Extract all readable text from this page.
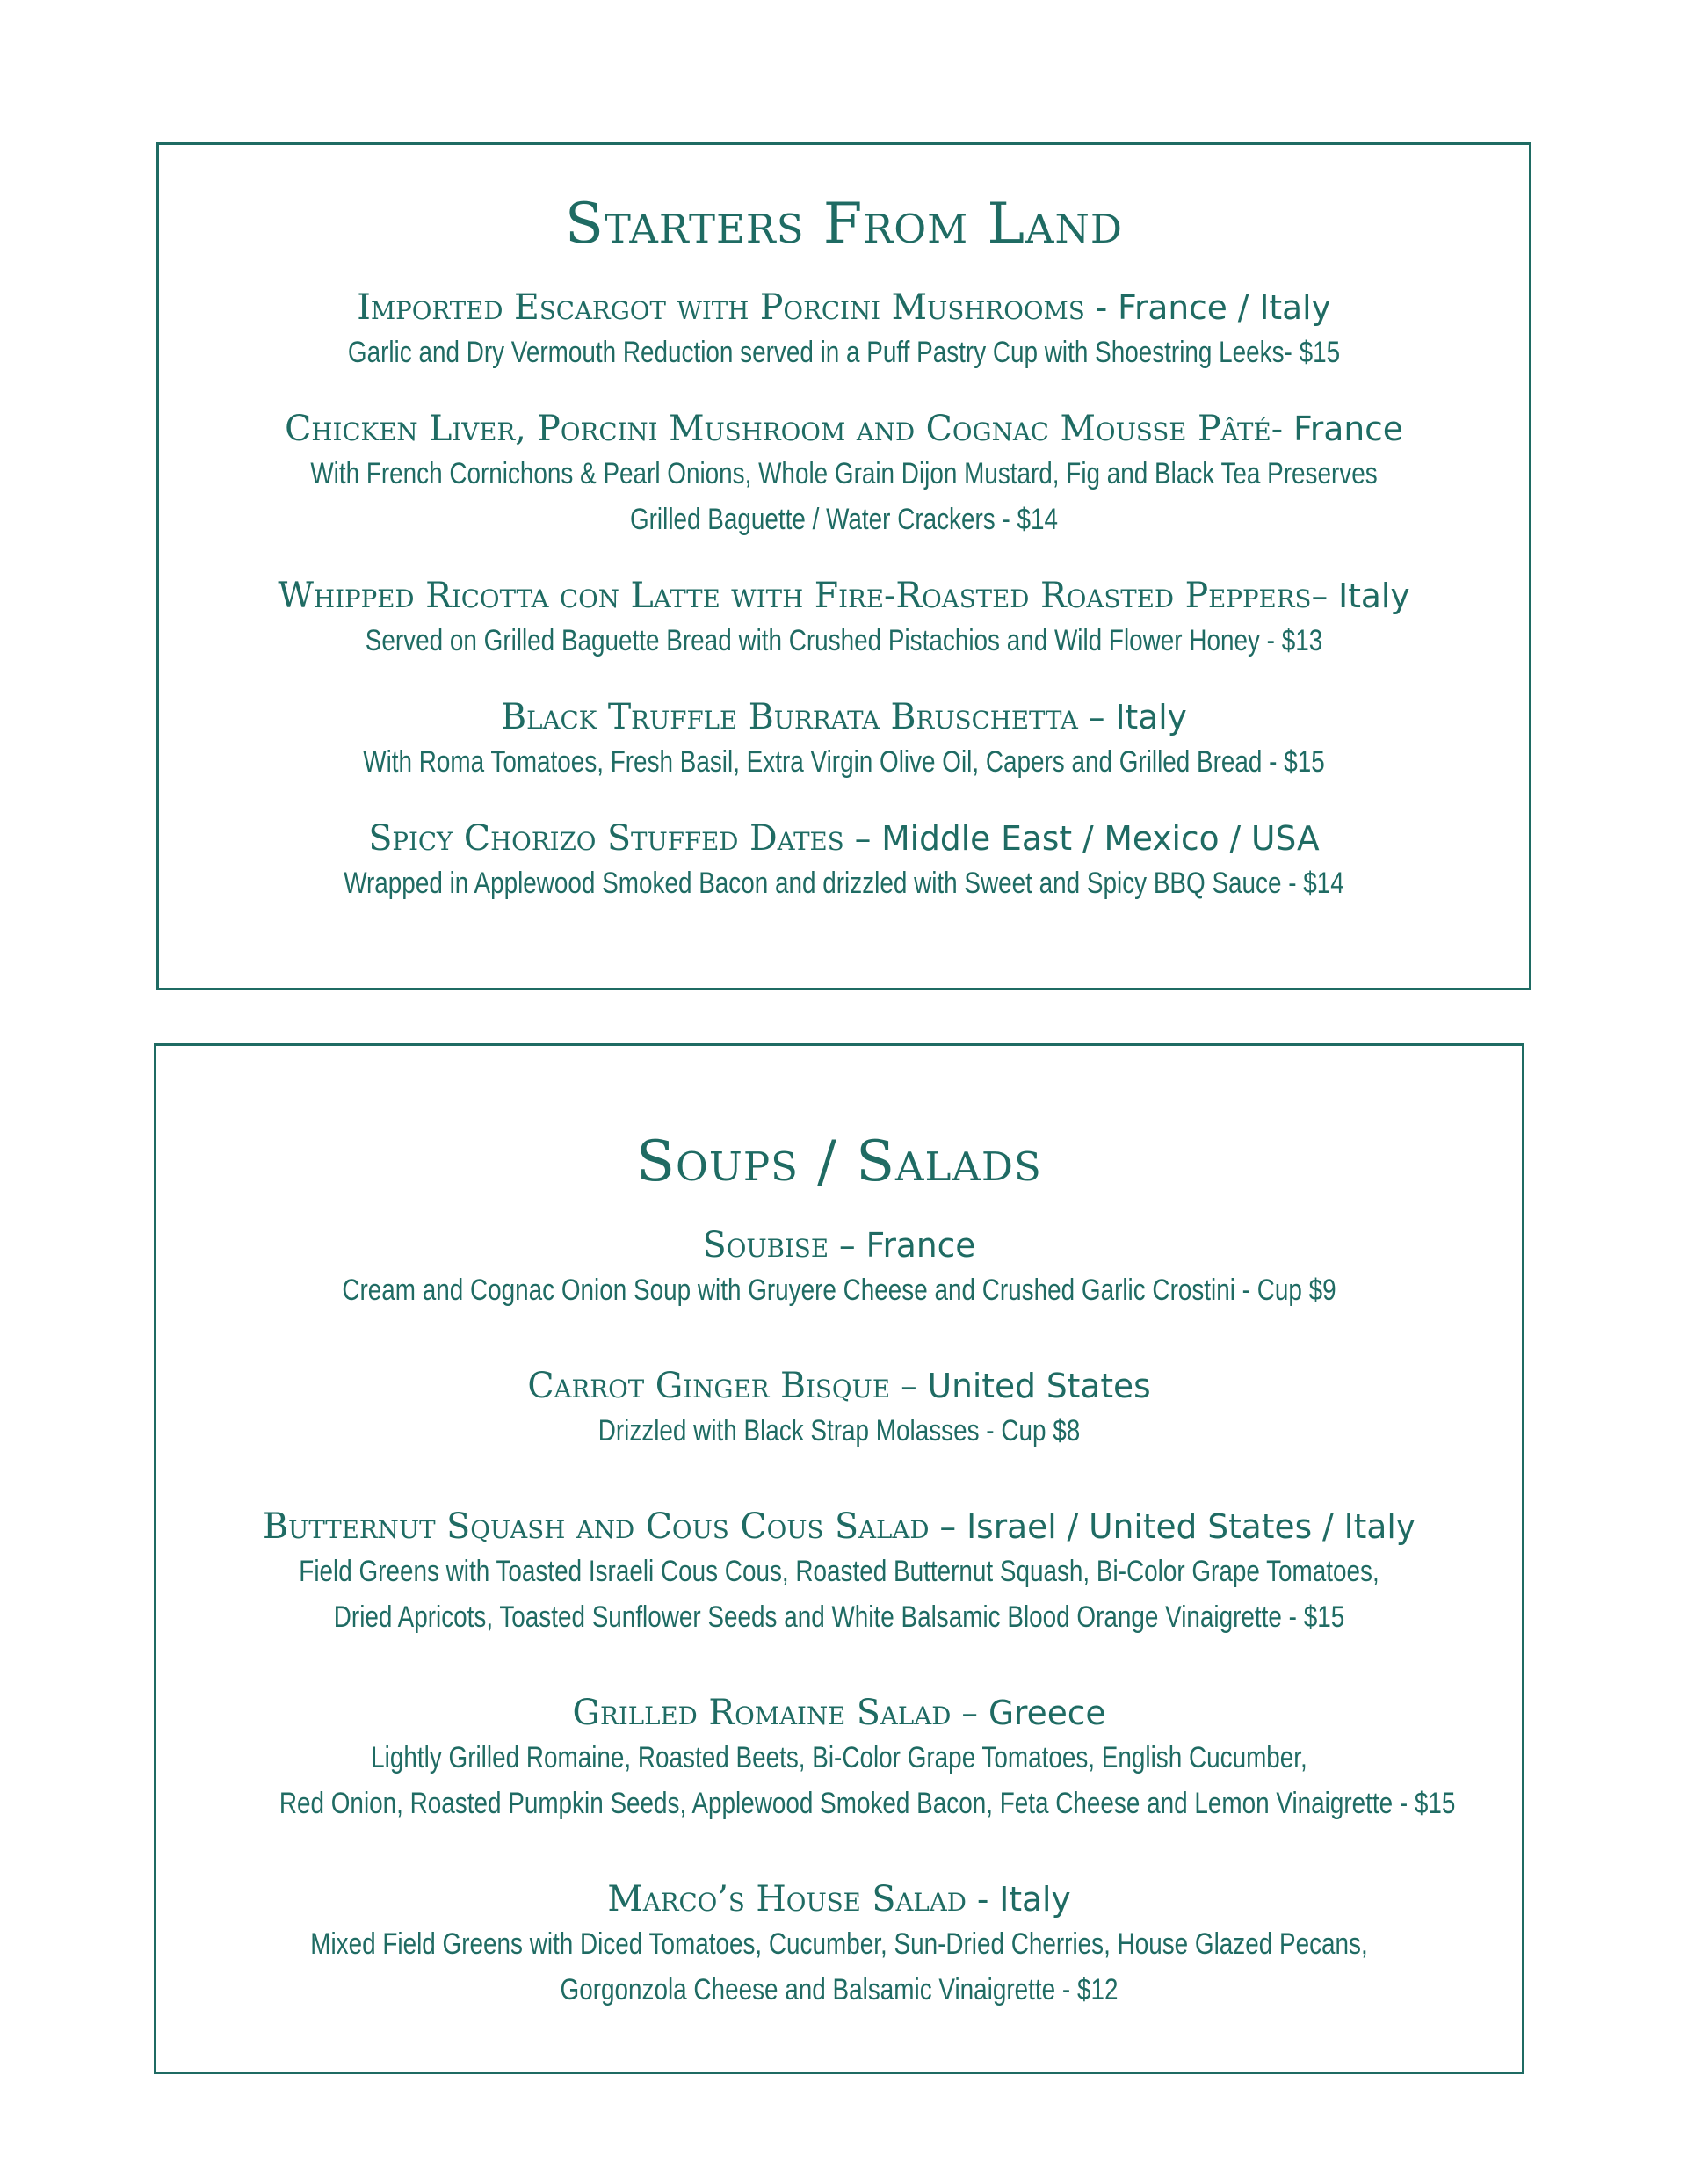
Starters From Land
Imported Escargot with Porcini Mushrooms - France / Italy
Garlic and Dry Vermouth Reduction served in a Puff Pastry Cup with Shoestring Leeks- $15
Chicken Liver, Porcini Mushroom and Cognac Mousse Pâté- France
With French Cornichons & Pearl Onions, Whole Grain Dijon Mustard, Fig and Black Tea Preserves
Grilled Baguette / Water Crackers - $14
Whipped Ricotta con Latte with Fire-Roasted Roasted Peppers– Italy
Served on Grilled Baguette Bread with Crushed Pistachios and Wild Flower Honey - $13
Black Truffle Burrata Bruschetta – Italy
With Roma Tomatoes, Fresh Basil, Extra Virgin Olive Oil, Capers and Grilled Bread - $15
Spicy Chorizo Stuffed Dates – Middle East / Mexico / USA
Wrapped in Applewood Smoked Bacon and drizzled with Sweet and Spicy BBQ Sauce - $14
Soups / Salads
Soubise – France
Cream and Cognac Onion Soup with Gruyere Cheese and Crushed Garlic Crostini - Cup $9
Carrot Ginger Bisque – United States
Drizzled with Black Strap Molasses - Cup $8
Butternut Squash and Cous Cous Salad – Israel / United States / Italy
Field Greens with Toasted Israeli Cous Cous, Roasted Butternut Squash, Bi-Color Grape Tomatoes,
Dried Apricots, Toasted Sunflower Seeds and White Balsamic Blood Orange Vinaigrette - $15
Grilled Romaine Salad – Greece
Lightly Grilled Romaine, Roasted Beets, Bi-Color Grape Tomatoes, English Cucumber,
Red Onion, Roasted Pumpkin Seeds, Applewood Smoked Bacon, Feta Cheese and Lemon Vinaigrette - $15
Marco’s House Salad - Italy
Mixed Field Greens with Diced Tomatoes, Cucumber, Sun-Dried Cherries, House Glazed Pecans,
Gorgonzola Cheese and Balsamic Vinaigrette - $12
